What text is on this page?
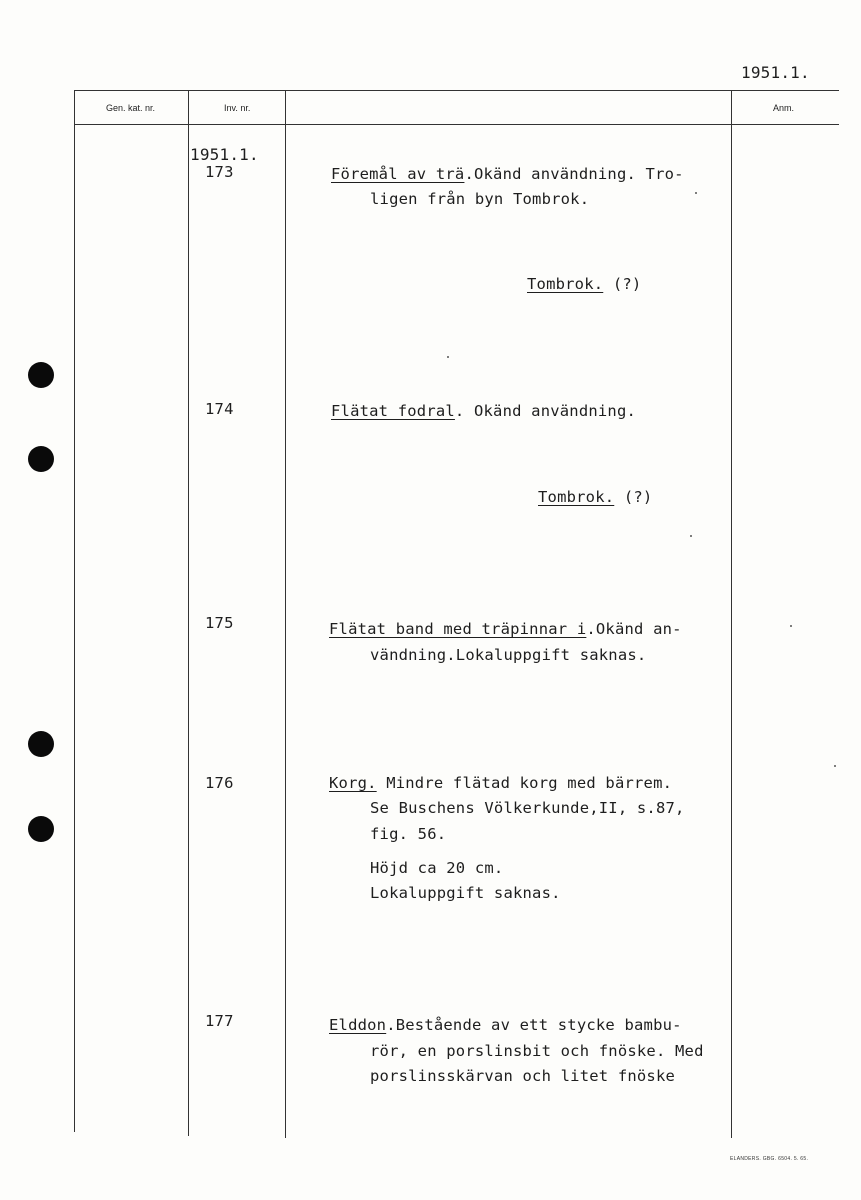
1951.1.
Gen. kat. nr.	Inv. nr.	Anm.
1951.1.
173	Föremål av trä.Okänd användning. Tro-
ligen från byn Tombrok.
Tombrok. (?)
174	Flätat fodral. Okänd användning.
Tombrok. (?)
175	Flätat band med träpinnar i.Okänd an-
vändning.Lokaluppgift saknas.
176	Korg. Mindre flätad korg med bärrem.
Se Buschens Völkerkunde,II, s.87,
fig. 56.
Höjd ca 20 cm.
Lokaluppgift saknas.
177	Elddon.Bestående av ett stycke bambu-
rör, en porslinsbit och fnöske. Med
porslinsskärvan och litet fnöske
ELANDERS. GBG. 6504. 5. 65.
